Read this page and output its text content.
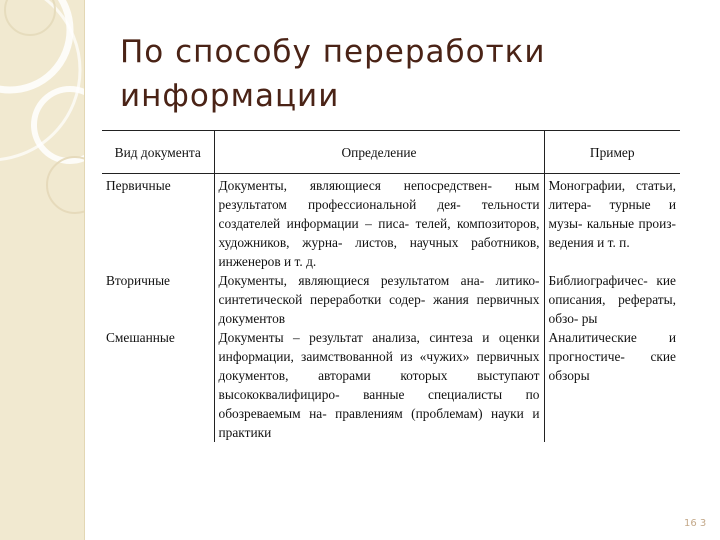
По способу переработки информации
Вид документа	Определение	Пример
Первичные	Документы, являющиеся непосредствен- ным результатом профессиональной дея- тельности создателей информации – писа- телей, композиторов, художников, журна- листов, научных работников, инженеров и т. д.	Монографии, статьи, литера- турные и музы- кальные произ- ведения и т. п.
Вторичные	Документы, являющиеся результатом ана- литико-синтетической переработки содер- жания первичных документов	Библиографичес- кие описания, рефераты, обзо- ры
Смешанные	Документы – результат анализа, синтеза и оценки информации, заимствованной из «чужих» первичных документов, авторами которых выступают высококвалифициро- ванные специалисты по обозреваемым на- правлениям (проблемам) науки и практики	Аналитические и прогностиче- ские обзоры
16 3
